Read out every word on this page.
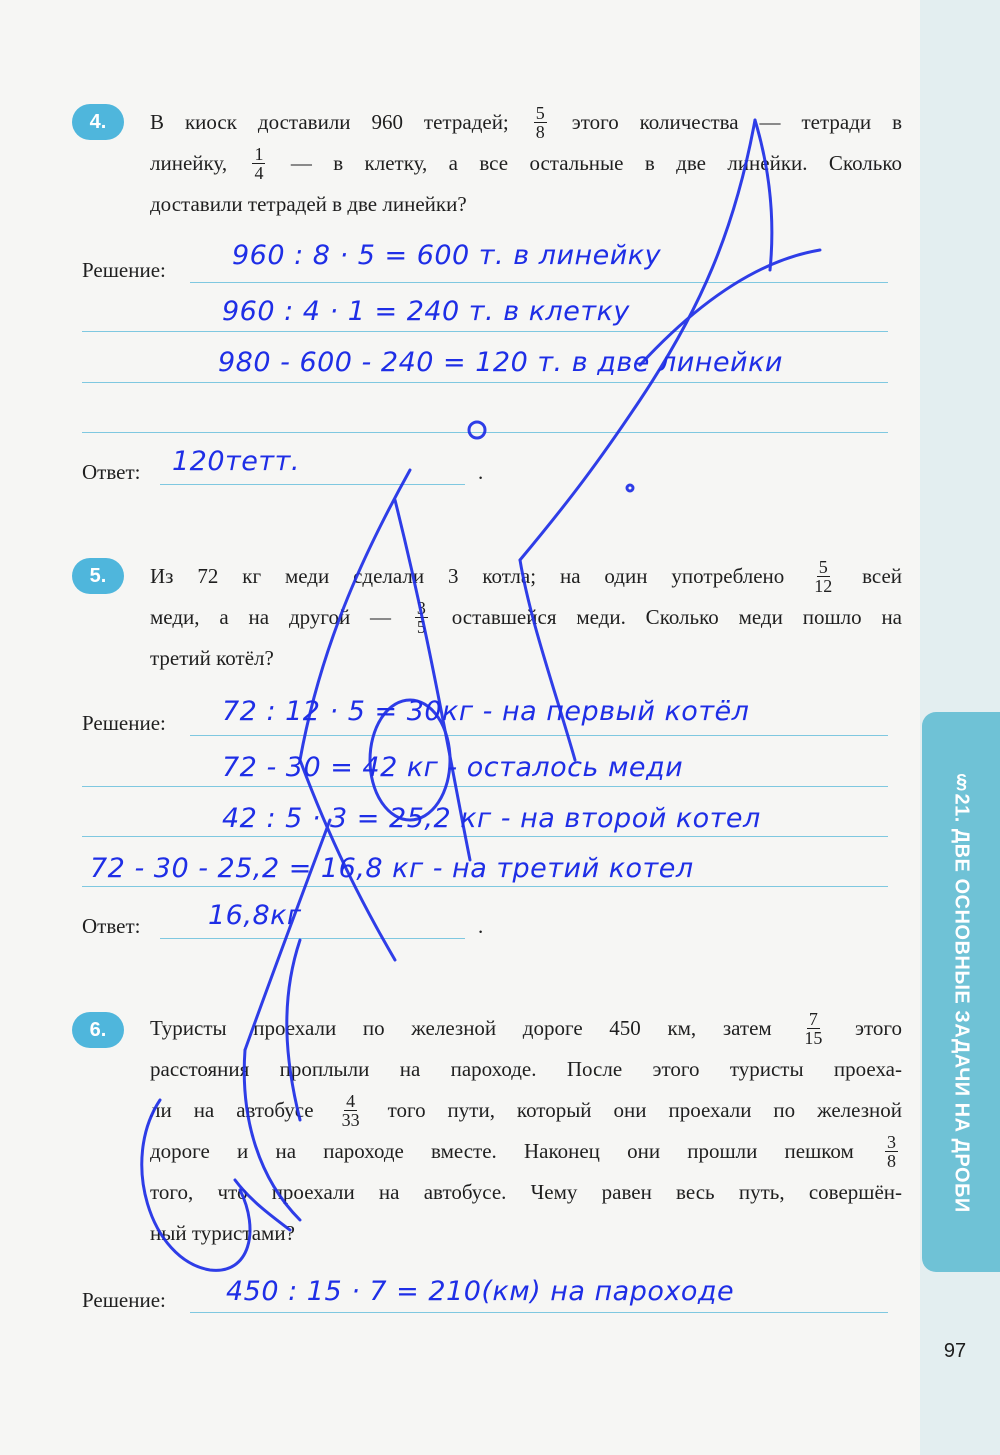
§21. ДВЕ ОСНОВНЫЕ ЗАДАЧИ НА ДРОБИ
97
4.	В киоск доставили 960 тетрадей; $\frac{5}{8}$ этого количества — тетради в
линейку, $\frac{1}{4}$ — в клетку, а все остальные в две линейки. Сколько
доставили тетрадей в две линейки?
Решение: 960 : 8 · 5 = 600 т. в линейку
960 : 4 · 1 = 240 т. в клетку
980 - 600 - 240 = 120 т. в две линейки
Ответ:	.
120тетт.
5.	Из 72 кг меди сделали 3 котла; на один употреблено $\frac{5}{12}$ всей
меди, а на другой — $\frac{3}{5}$ оставшейся меди. Сколько меди пошло на
третий котёл?
Решение: 72 : 12 · 5 = 30кг - на первый котёл
72 - 30 = 42 кг - осталось меди
42 : 5 · 3 = 25,2 кг - на второй котел
72 - 30 - 25,2 = 16,8 кг - на третий котел
Ответ:	.
16,8кг
6.	Туристы проехали по железной дороге 450 км, затем $\frac{7}{15}$ этого
расстояния проплыли на пароходе. После этого туристы проеха-
ли на автобусе $\frac{4}{33}$ того пути, который они проехали по железной
дороге и на пароходе вместе. Наконец они прошли пешком $\frac{3}{8}$
того, что проехали на автобусе. Чему равен весь путь, совершён-
ный туристами?
Решение: 450 : 15 · 7 = 210(км) на пароходе
